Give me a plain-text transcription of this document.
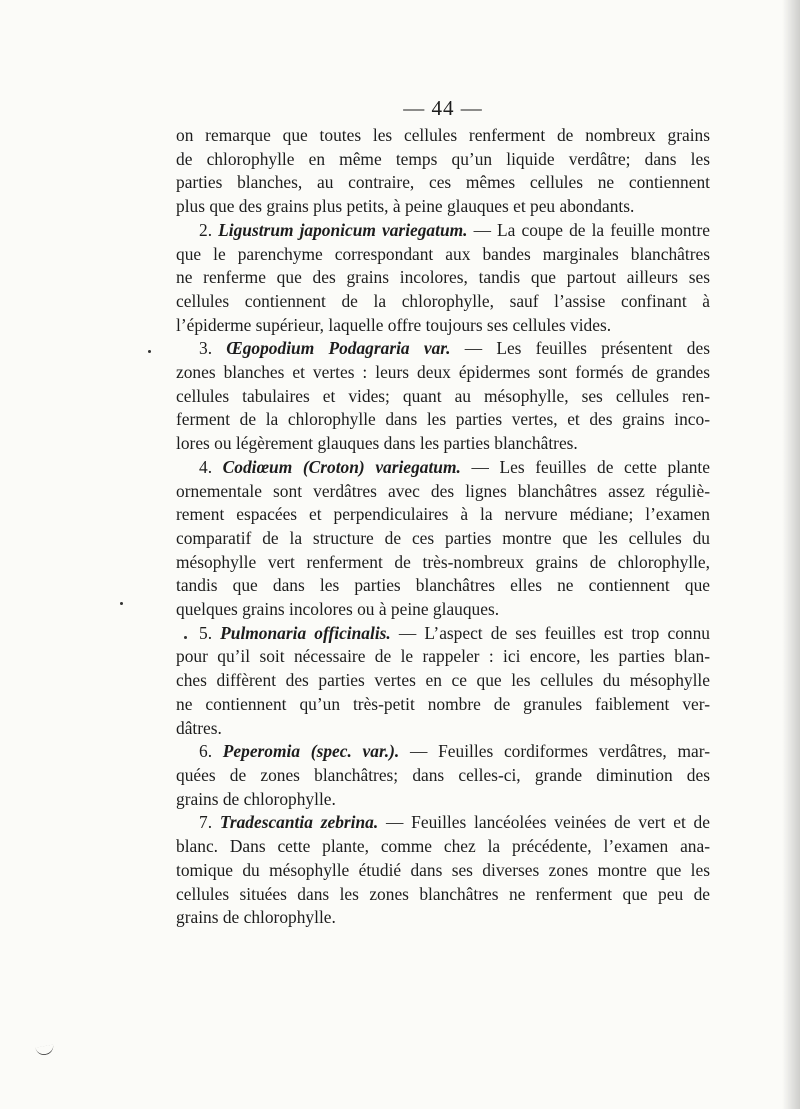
— 44 —

on remarque que toutes les cellules renferment de nombreux grains
de chlorophylle en même temps qu’un liquide verdâtre; dans les
parties blanches, au contraire, ces mêmes cellules ne contiennent
plus que des grains plus petits, à peine glauques et peu abondants.
2. Ligustrum japonicum variegatum. — La coupe de la feuille montre
que le parenchyme correspondant aux bandes marginales blanchâtres
ne renferme que des grains incolores, tandis que partout ailleurs ses
cellules contiennent de la chlorophylle, sauf l’assise confinant à
l’épiderme supérieur, laquelle offre toujours ses cellules vides.
3. Œgopodium Podagraria var. — Les feuilles présentent des
zones blanches et vertes : leurs deux épidermes sont formés de grandes
cellules tabulaires et vides; quant au mésophylle, ses cellules ren-
ferment de la chlorophylle dans les parties vertes, et des grains inco-
lores ou légèrement glauques dans les parties blanchâtres.
4. Codiœum (Croton) variegatum. — Les feuilles de cette plante
ornementale sont verdâtres avec des lignes blanchâtres assez réguliè-
rement espacées et perpendiculaires à la nervure médiane; l’examen
comparatif de la structure de ces parties montre que les cellules du
mésophylle vert renferment de très-nombreux grains de chlorophylle,
tandis que dans les parties blanchâtres elles ne contiennent que
quelques grains incolores ou à peine glauques.
5. Pulmonaria officinalis. — L’aspect de ses feuilles est trop connu
pour qu’il soit nécessaire de le rappeler : ici encore, les parties blan-
ches diffèrent des parties vertes en ce que les cellules du mésophylle
ne contiennent qu’un très-petit nombre de granules faiblement ver-
dâtres.
6. Peperomia (spec. var.). — Feuilles cordiformes verdâtres, mar-
quées de zones blanchâtres; dans celles-ci, grande diminution des
grains de chlorophylle.
7. Tradescantia zebrina. — Feuilles lancéolées veinées de vert et de
blanc. Dans cette plante, comme chez la précédente, l’examen ana-
tomique du mésophylle étudié dans ses diverses zones montre que les
cellules situées dans les zones blanchâtres ne renferment que peu de
grains de chlorophylle.
